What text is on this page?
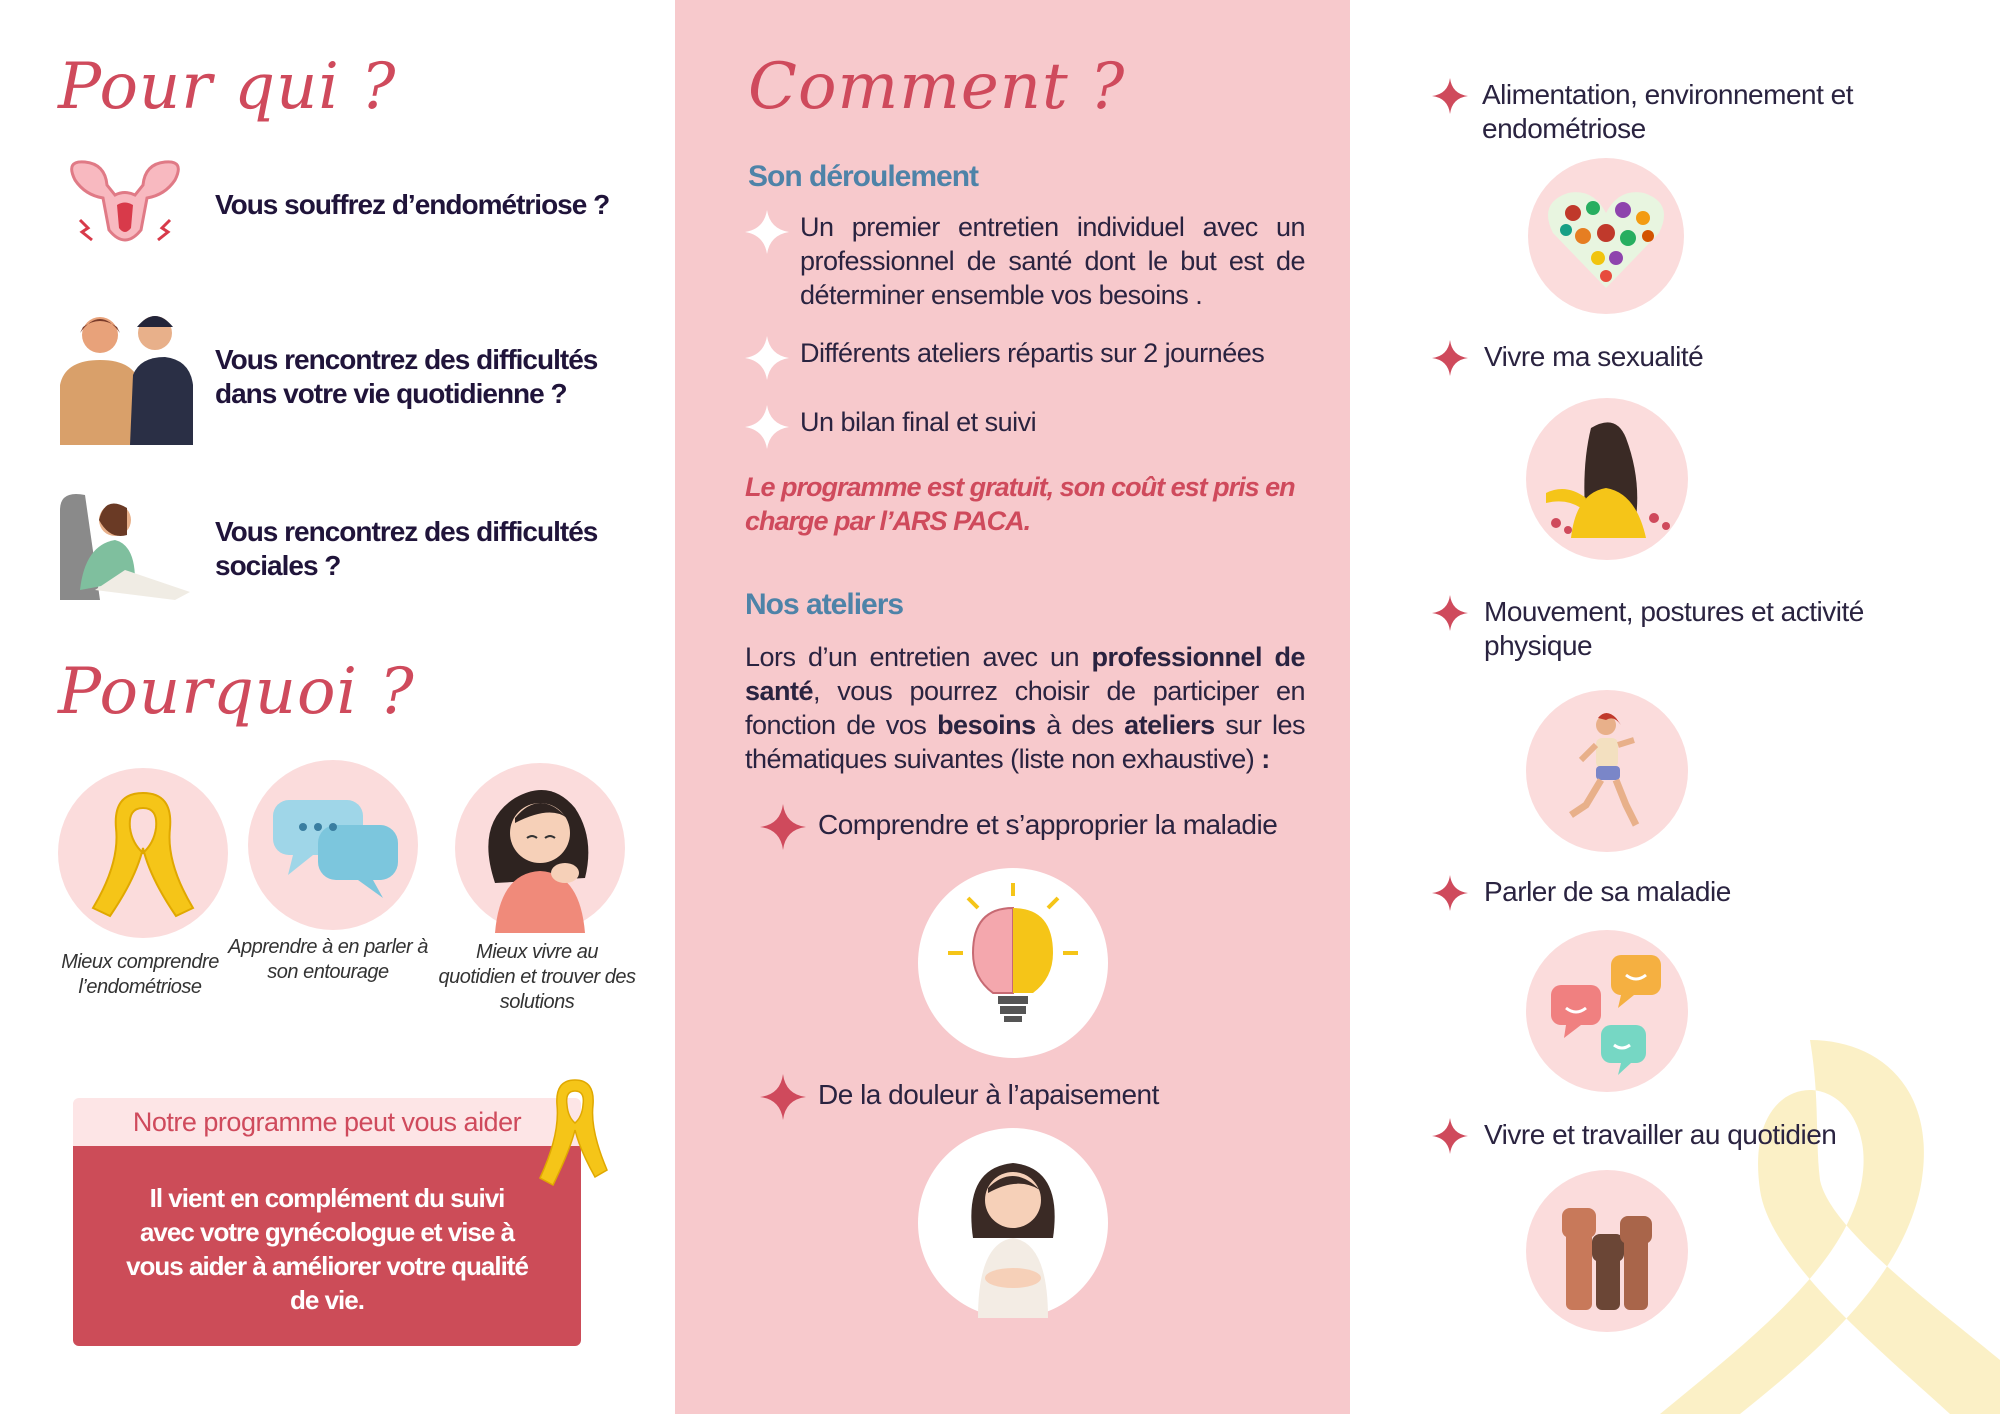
Pour qui ?
Vous souffrez d’endométriose ?
Vous rencontrez des difficultés dans votre vie quotidienne ?
Vous rencontrez des difficultés sociales ?
Pourquoi ?
Mieux comprendre l’endométriose
Apprendre à en parler à son entourage
Mieux vivre au quotidien et trouver des solutions
Notre programme peut vous aider

Il vient en complément du suivi avec votre gynécologue et vise à vous aider à améliorer votre qualité de vie.

Comment ?
Son déroulement
Un premier entretien individuel avec un professionnel de santé dont le but est de déterminer ensemble vos besoins .
Différents ateliers répartis sur 2 journées
Un bilan final et suivi
Le programme est gratuit, son coût est pris en charge par l’ARS PACA.
Nos ateliers
Lors d’un entretien avec un professionnel de santé, vous pourrez choisir de participer en fonction de vos besoins à des ateliers sur les thématiques suivantes (liste non exhaustive) :
Comprendre et s’approprier la maladie
De la douleur à l’apaisement
Alimentation, environnement et endométriose
Vivre ma sexualité
Mouvement, postures et activité physique
Parler de sa maladie
Vivre et travailler au quotidien
